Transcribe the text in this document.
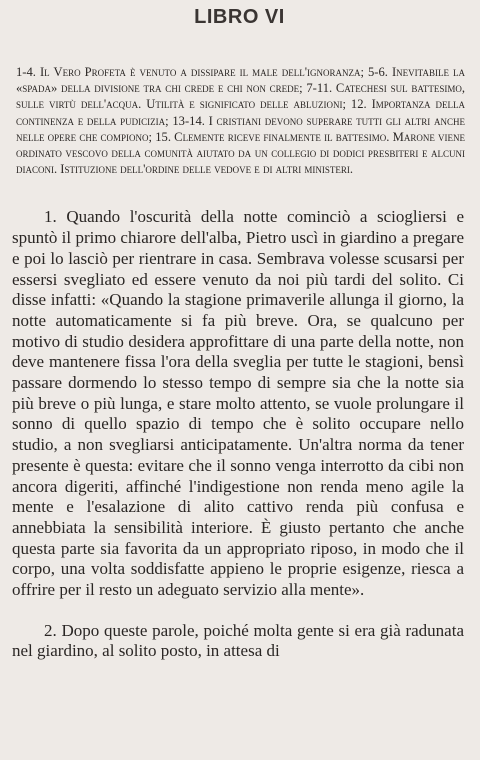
LIBRO VI
1-4. Il Vero Profeta è venuto a dissipare il male dell'ignoranza; 5-6. Inevitabile la «spada» della divisione tra chi crede e chi non crede; 7-11. Catechesi sul battesimo, sulle virtù dell'acqua. Utilità e significato delle abluzioni; 12. Importanza della continenza e della pudicizia; 13-14. I cristiani devono superare tutti gli altri anche nelle opere che compiono; 15. Clemente riceve finalmente il battesimo. Marone viene ordinato vescovo della comunità aiutato da un collegio di dodici presbiteri e alcuni diaconi. Istituzione dell'ordine delle vedove e di altri ministeri.

1. Quando l'oscurità della notte cominciò a sciogliersi e spuntò il primo chiarore dell'alba, Pietro uscì in giardino a pregare e poi lo lasciò per rientrare in casa. Sembrava volesse scusarsi per essersi svegliato ed essere venuto da noi più tardi del solito. Ci disse infatti: «Quando la stagione primaverile allunga il giorno, la notte automaticamente si fa più breve. Ora, se qualcuno per motivo di studio desidera approfittare di una parte della notte, non deve mantenere fissa l'ora della sveglia per tutte le stagioni, bensì passare dormendo lo stesso tempo di sempre sia che la notte sia più breve o più lunga, e stare molto attento, se vuole prolungare il sonno di quello spazio di tempo che è solito occupare nello studio, a non svegliarsi anticipatamente. Un'altra norma da tener presente è questa: evitare che il sonno venga interrotto da cibi non ancora digeriti, affinché l'indigestione non renda meno agile la mente e l'esalazione di alito cattivo renda più confusa e annebbiata la sensibilità interiore. È giusto pertanto che anche questa parte sia favorita da un appropriato riposo, in modo che il corpo, una volta soddisfatte appieno le proprie esigenze, riesca a offrire per il resto un adeguato servizio alla mente».

2. Dopo queste parole, poiché molta gente si era già radunata nel giardino, al solito posto, in attesa di
